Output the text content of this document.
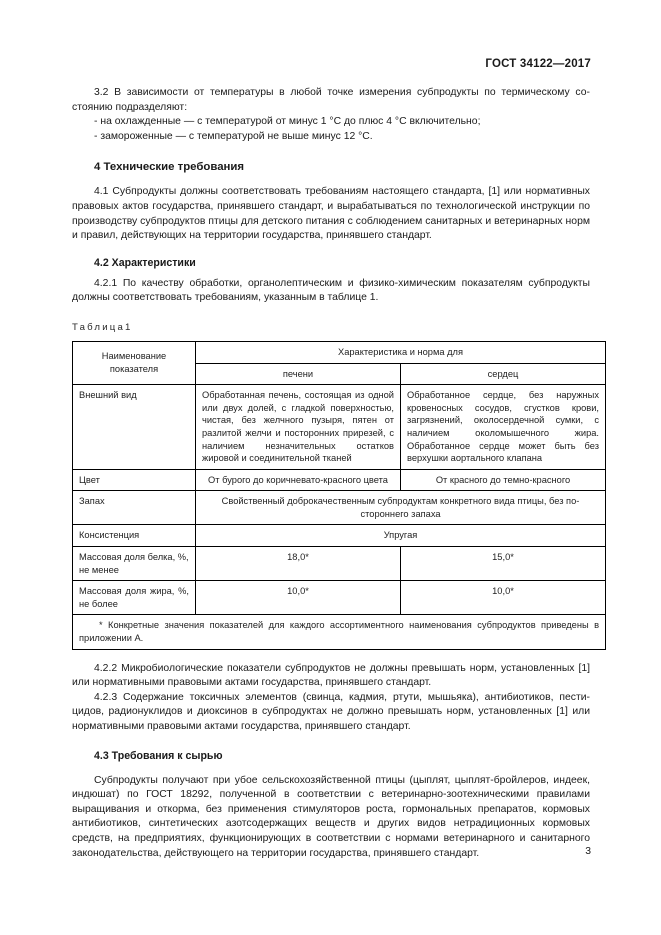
ГОСТ 34122—2017

3.2 В зависимости от температуры в любой точке измерения субпродукты по термическому состоянию подразделяют:

- на охлажденные — с температурой от минус 1 °С до плюс 4 °С включительно;

- замороженные — с температурой не выше минус 12 °С.

4 Технические требования

4.1 Субпродукты должны соответствовать требованиям настоящего стандарта, [1] или нормативных правовых актов государства, принявшего стандарт, и вырабатываться по технологической инструкции по производству субпродуктов птицы для детского питания с соблюдением санитарных и ветеринарных норм и правил, действующих на территории государства, принявшего стандарт.

4.2 Характеристики

4.2.1 По качеству обработки, органолептическим и физико-химическим показателям субпродукты должны соответствовать требованиям, указанным в таблице 1.

Таблица1

Наименование показателя	Характеристика и норма для	
	печени	сердец
Внешний вид	Обработанная печень, состоящая из одной или двух долей, с гладкой поверхностью, чистая, без желчного пузыря, пятен от разлитой желчи и посторонних прирезей, с наличием незначительных остатков жировой и соединительной тканей	Обработанное сердце, без наружных кровеносных сосудов, сгустков крови, загрязнений, околосердечной сумки, с наличием околомышечного жира. Обработанное сердце может быть без верхушки аортального клапана
Цвет	От бурого до коричневато-красного цвета	От красного до темно-красного
Запах	Свойственный доброкачественным субпродуктам конкретного вида птицы, без постороннего запаха	
Консистенция	Упругая	
Массовая доля белка, %, не менее	18,0*	15,0*
Массовая доля жира, %, не более	10,0*	10,0*

* Конкретные значения показателей для каждого ассортиментного наименования субпродуктов приведены в приложении А.		

4.2.2 Микробиологические показатели субпродуктов не должны превышать норм, установленных [1] или нормативными правовыми актами государства, принявшего стандарт.

4.2.3 Содержание токсичных элементов (свинца, кадмия, ртути, мышьяка), антибиотиков, пестицидов, радионуклидов и диоксинов в субпродуктах не должно превышать норм, установленных [1] или нормативными правовыми актами государства, принявшего стандарт.

4.3 Требования к сырью

Субпродукты получают при убое сельскохозяйственной птицы (цыплят, цыплят-бройлеров, индеек, индюшат) по ГОСТ 18292, полученной в соответствии с ветеринарно-зоотехническими правилами выращивания и откорма, без применения стимуляторов роста, гормональных препаратов, кормовых антибиотиков, синтетических азотсодержащих веществ и других видов нетрадиционных кормовых средств, на предприятиях, функционирующих в соответствии с нормами ветеринарного и санитарного законодательства, действующего на территории государства, принявшего стандарт.	3
